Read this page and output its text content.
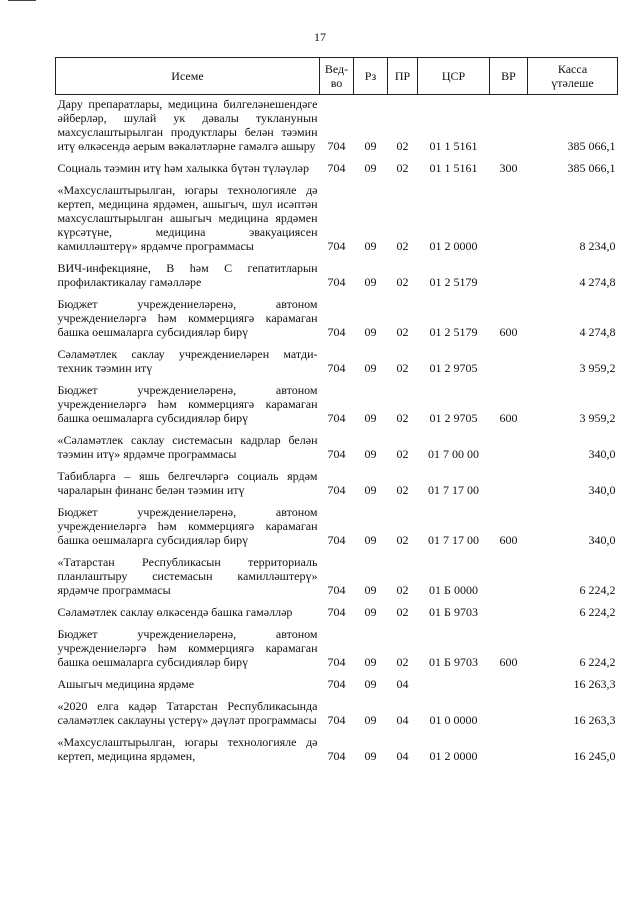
17
Исеме	Вед-
во	Рз	ПР	ЦСР	ВР	Касса
үтәлеше
Дару препаратлары, медицина билгеләнешендәге әйберләр, шулай ук дәвалы тукланунын махсуслаштырылган продуктлары белән тәэмин итү өлкәсендә аерым вәкаләтләрне гамәлгә ашыру	704	09	02	01 1 5161		385 066,1
Социаль тәэмин итү һәм халыкка бүтән түләүләр	704	09	02	01 1 5161	300	385 066,1
«Махсуслаштырылган, югары технологияле дә кертеп, медицина ярдәмен, ашыгыч, шул исәптән махсуслаштырылган ашыгыч медицина ярдәмен күрсәтүне, медицина эвакуациясен камилләштерү» ярдәмче программасы	704	09	02	01 2 0000		8 234,0
ВИЧ-инфекцияне, В һәм С гепатитларын профилактикалау гамәлләре	704	09	02	01 2 5179		4 274,8
Бюджет учреждениеләренә, автоном учреждениеләргә һәм коммерциягә карамаган башка оешмаларга субсидияләр бирү	704	09	02	01 2 5179	600	4 274,8
Сәламәтлек саклау учреждениеләрен матди-техник тәэмин итү	704	09	02	01 2 9705		3 959,2
Бюджет учреждениеләренә, автоном учреждениеләргә һәм коммерциягә карамаган башка оешмаларга субсидияләр бирү	704	09	02	01 2 9705	600	3 959,2
«Сәламәтлек саклау системасын кадрлар белән тәэмин итү» ярдәмче программасы	704	09	02	01 7 00 00		340,0
Табибларга – яшь белгечләргә социаль ярдәм чараларын финанс белән тәэмин итү	704	09	02	01 7 17 00		340,0
Бюджет учреждениеләренә, автоном учреждениеләргә һәм коммерциягә карамаган башка оешмаларга субсидияләр бирү	704	09	02	01 7 17 00	600	340,0
«Татарстан Республикасын территориаль планлаштыру системасын камилләштерү» ярдәмче программасы	704	09	02	01 Б 0000		6 224,2
Сәламәтлек саклау өлкәсендә башка гамәлләр	704	09	02	01 Б 9703		6 224,2
Бюджет учреждениеләренә, автоном учреждениеләргә һәм коммерциягә карамаган башка оешмаларга субсидияләр бирү	704	09	02	01 Б 9703	600	6 224,2
Ашыгыч медицина ярдәме	704	09	04			16 263,3
«2020 елга кадәр Татарстан Республикасында сәламәтлек саклауны үстерү» дәүләт программасы	704	09	04	01 0 0000		16 263,3
«Махсуслаштырылган, югары технологияле дә кертеп, медицина ярдәмен,	704	09	04	01 2 0000		16 245,0
